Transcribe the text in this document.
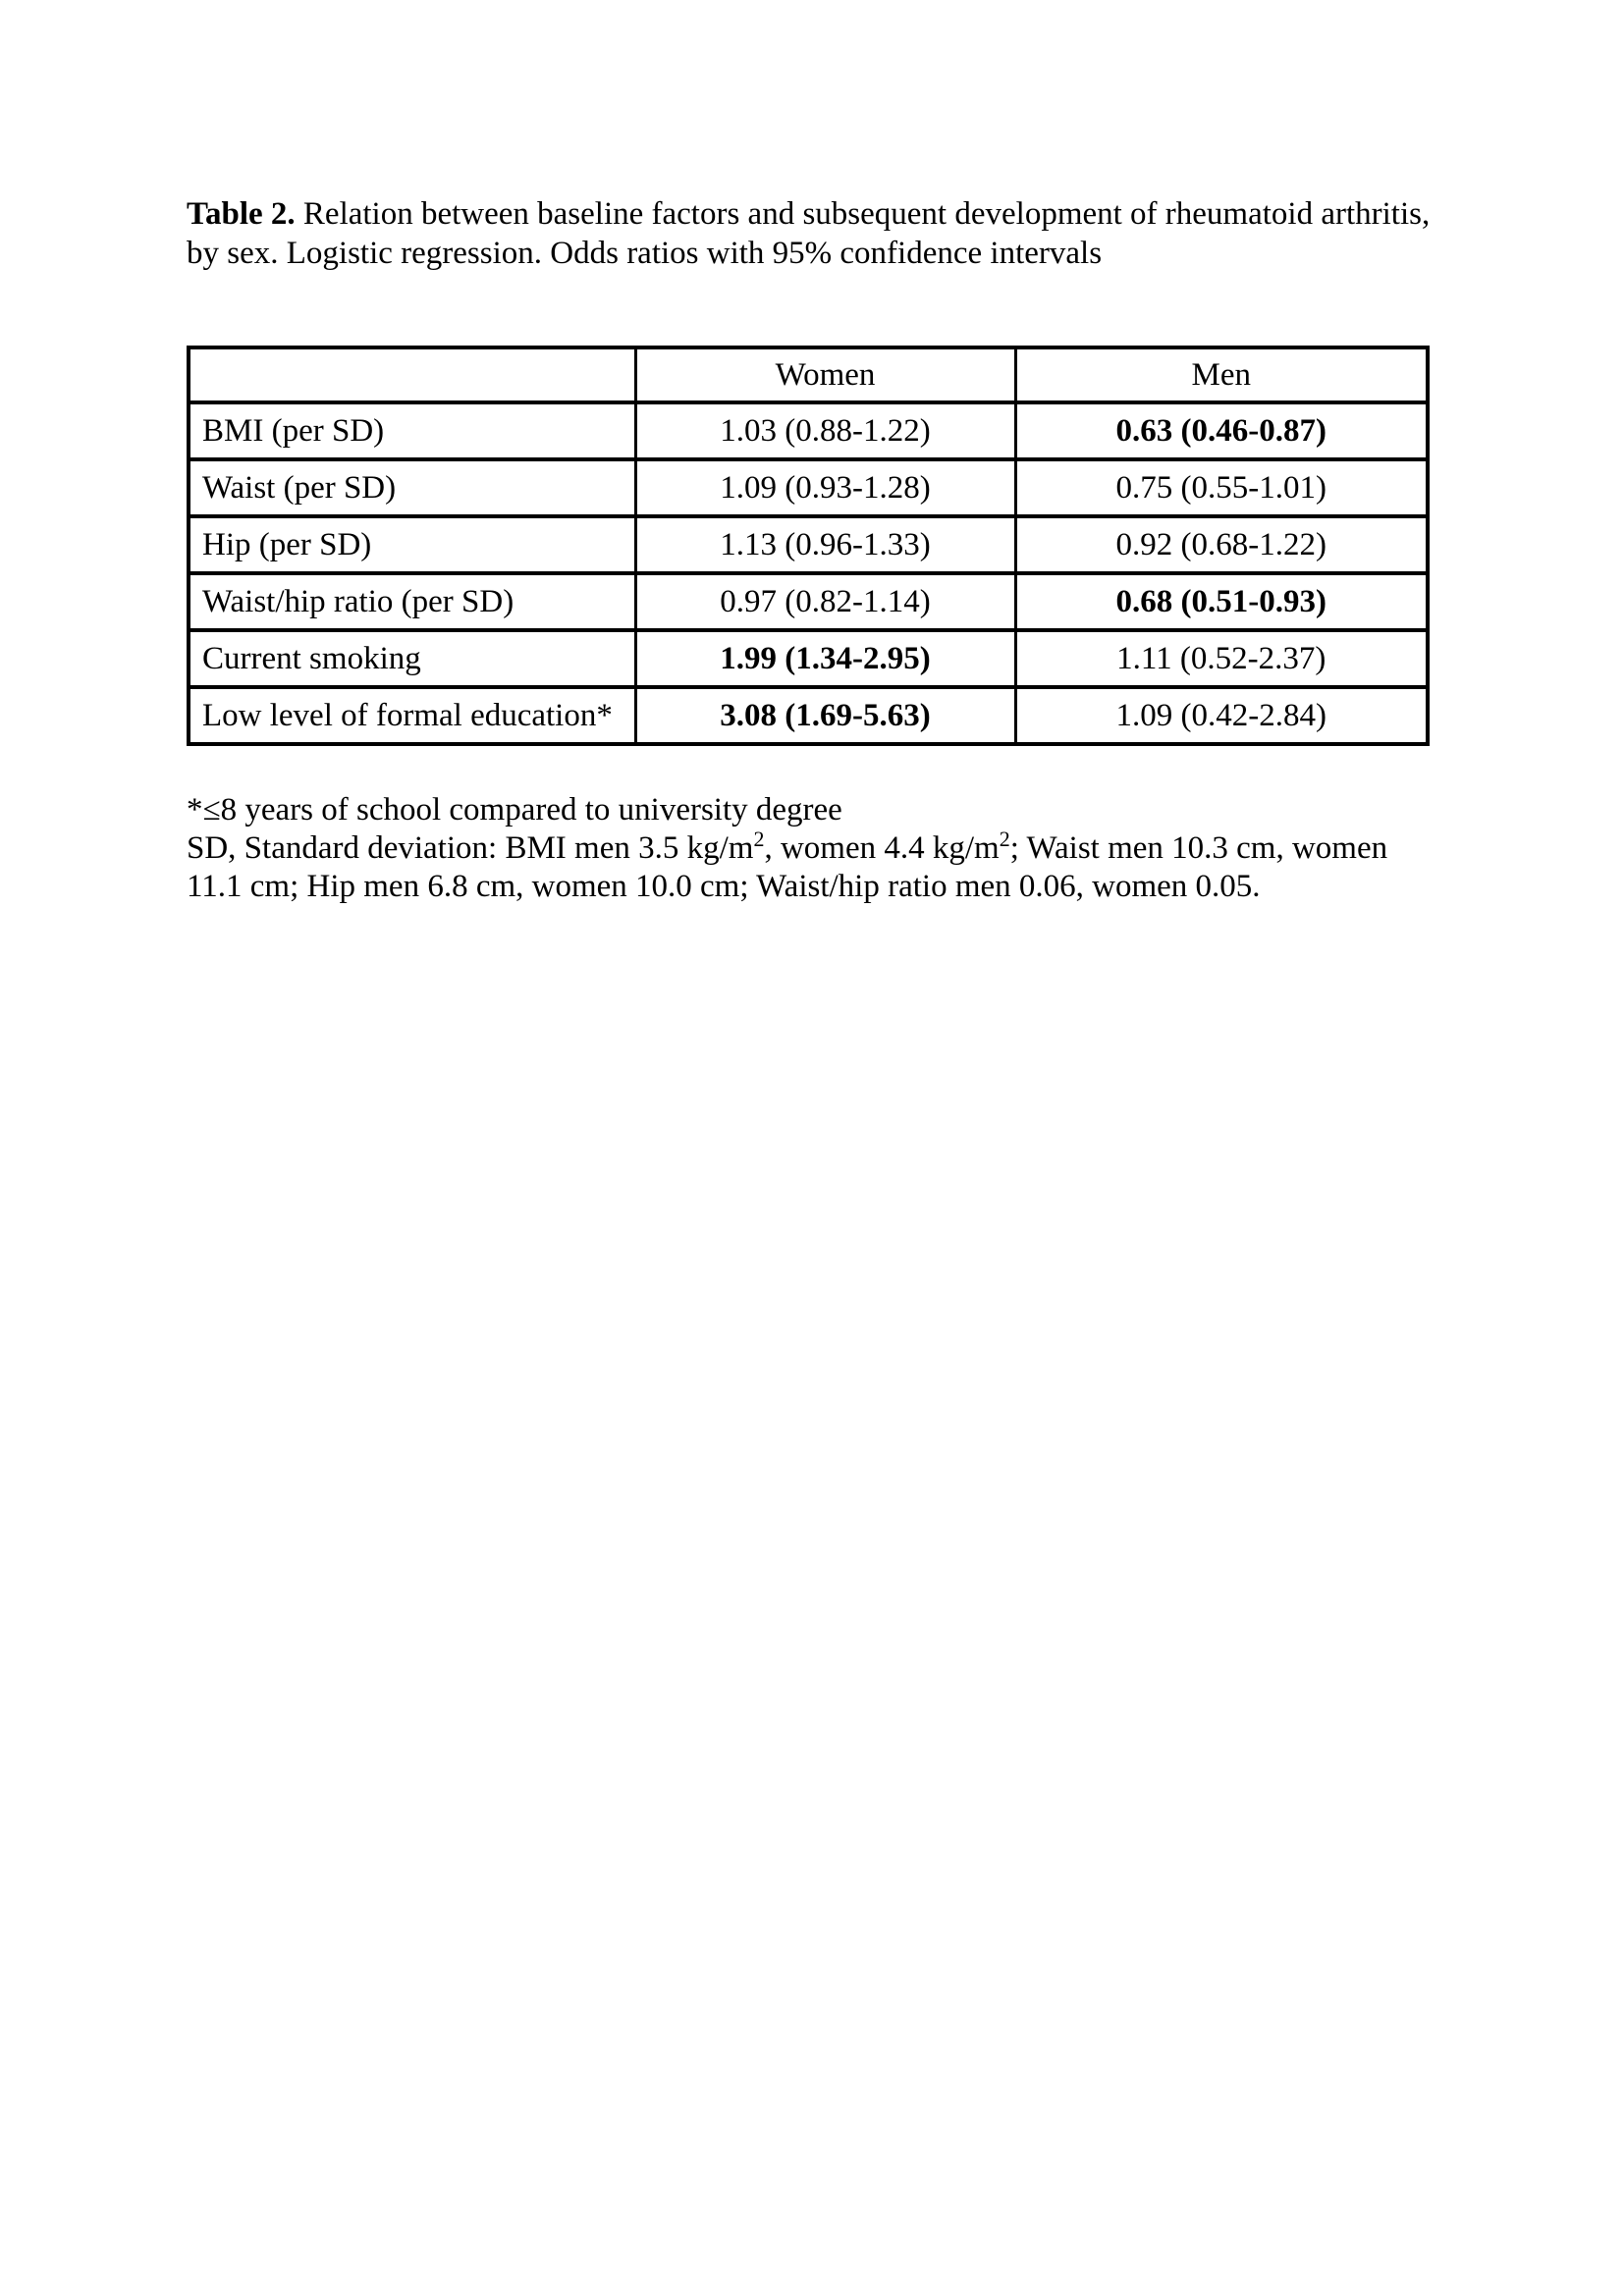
Table 2. Relation between baseline factors and subsequent development of rheumatoid arthritis, by sex. Logistic regression. Odds ratios with 95% confidence intervals

	Women	Men
BMI (per SD)	1.03 (0.88-1.22)	0.63 (0.46-0.87)
Waist (per SD)	1.09 (0.93-1.28)	0.75 (0.55-1.01)
Hip (per SD)	1.13 (0.96-1.33)	0.92 (0.68-1.22)
Waist/hip ratio (per SD)	0.97 (0.82-1.14)	0.68 (0.51-0.93)
Current smoking	1.99 (1.34-2.95)	1.11 (0.52-2.37)
Low level of formal education*	3.08 (1.69-5.63)	1.09 (0.42-2.84)

*≤8 years of school compared to university degree

SD, Standard deviation: BMI men 3.5 $kg/m^2$, women 4.4 $kg/m^2$; Waist men 10.3 cm, women 11.1 cm; Hip men 6.8 cm, women 10.0 cm; Waist/hip ratio men 0.06, women 0.05.
